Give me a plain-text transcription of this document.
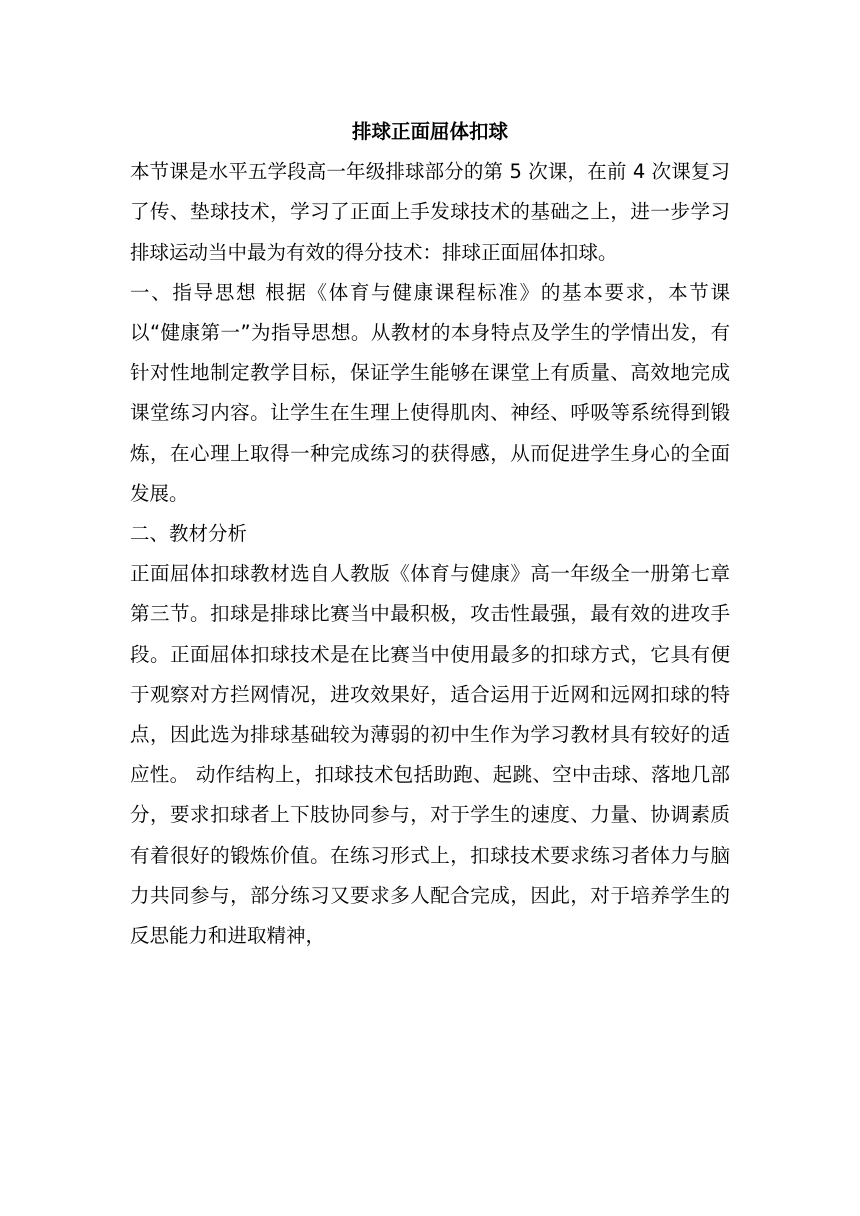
排球正面屈体扣球

本节课是水平五学段高一年级排球部分的第 5 次课，在前 4 次课复习了传、垫球技术，学习了正面上手发球技术的基础之上，进一步学习排球运动当中最为有效的得分技术：排球正面屈体扣球。

一、指导思想 根据《体育与健康课程标准》的基本要求，本节课以“健康第一”为指导思想。从教材的本身特点及学生的学情出发，有针对性地制定教学目标，保证学生能够在课堂上有质量、高效地完成课堂练习内容。让学生在生理上使得肌肉、神经、呼吸等系统得到锻炼，在心理上取得一种完成练习的获得感，从而促进学生身心的全面发展。

二、教材分析

正面屈体扣球教材选自人教版《体育与健康》高一年级全一册第七章第三节。扣球是排球比赛当中最积极，攻击性最强，最有效的进攻手段。正面屈体扣球技术是在比赛当中使用最多的扣球方式，它具有便于观察对方拦网情况，进攻效果好，适合运用于近网和远网扣球的特点，因此选为排球基础较为薄弱的初中生作为学习教材具有较好的适应性。 动作结构上，扣球技术包括助跑、起跳、空中击球、落地几部分，要求扣球者上下肢协同参与，对于学生的速度、力量、协调素质有着很好的锻炼价值。在练习形式上，扣球技术要求练习者体力与脑力共同参与，部分练习又要求多人配合完成，因此，对于培养学生的反思能力和进取精神，
